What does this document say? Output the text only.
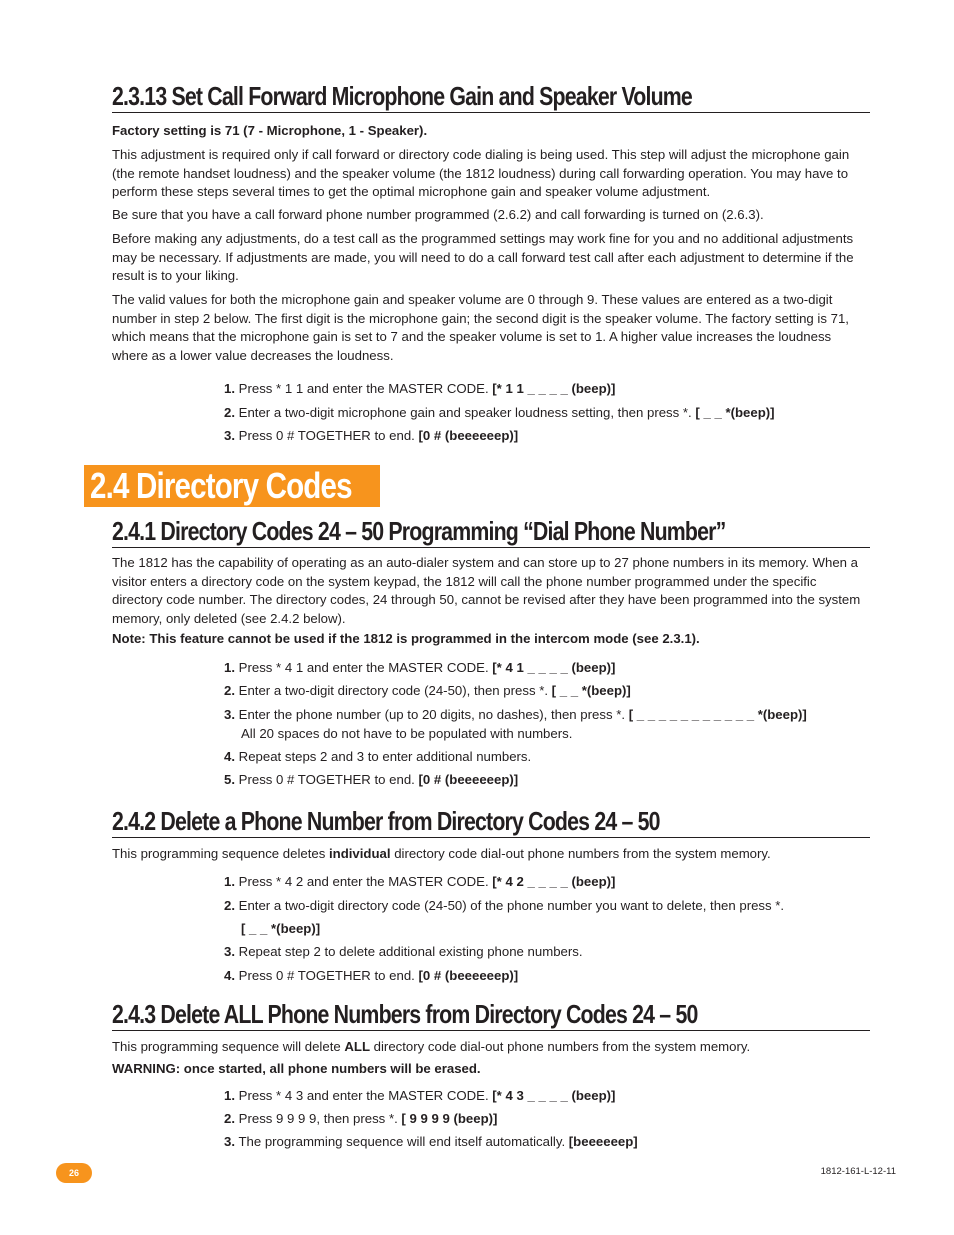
2.3.13 Set Call Forward Microphone Gain and Speaker Volume

Factory setting is 71 (7 - Microphone, 1 - Speaker).

This adjustment is required only if call forward or directory code dialing is being used. This step will adjust the microphone gain (the remote handset loudness) and the speaker volume (the 1812 loudness) during call forwarding operation. You may have to perform these steps several times to get the optimal microphone gain and speaker volume adjustment.

Be sure that you have a call forward phone number programmed (2.6.2) and call forwarding is turned on (2.6.3).

Before making any adjustments, do a test call as the programmed settings may work fine for you and no additional adjustments may be necessary. If adjustments are made, you will need to do a call forward test call after each adjustment to determine if the result is to your liking.

The valid values for both the microphone gain and speaker volume are 0 through 9. These values are entered as a two-digit number in step 2 below. The first digit is the microphone gain; the second digit is the speaker volume. The factory setting is 71, which means that the microphone gain is set to 7 and the speaker volume is set to 1. A higher value increases the loudness where as a lower value decreases the loudness.

1. Press * 1 1 and enter the MASTER CODE. [* 1 1 _ _ _ _ (beep)]
2. Enter a two-digit microphone gain and speaker loudness setting, then press *. [ _ _ *(beep)]
3. Press 0 # TOGETHER to end. [0 # (beeeeeep)]
2.4 Directory Codes
2.4.1 Directory Codes 24 – 50 Programming “Dial Phone Number”

The 1812 has the capability of operating as an auto-dialer system and can store up to 27 phone numbers in its memory. When a visitor enters a directory code on the system keypad, the 1812 will call the phone number programmed under the specific directory code number. The directory codes, 24 through 50, cannot be revised after they have been programmed into the system memory, only deleted (see 2.4.2 below).

Note: This feature cannot be used if the 1812 is programmed in the intercom mode (see 2.3.1).

2.4.2 Delete a Phone Number from Directory Codes 24 – 50

This programming sequence deletes individual directory code dial-out phone numbers from the system memory.

2.4.3 Delete ALL Phone Numbers from Directory Codes 24 – 50

This programming sequence will delete ALL directory code dial-out phone numbers from the system memory.

WARNING: once started, all phone numbers will be erased.

1. Press * 4 1 and enter the MASTER CODE. [* 4 1 _ _ _ _ (beep)]
2. Enter a two-digit directory code (24-50), then press *. [ _ _ *(beep)]
3. Enter the phone number (up to 20 digits, no dashes), then press *. [ _ _ _ _ _ _ _ _ _ _ _ *(beep)]
All 20 spaces do not have to be populated with numbers.
4. Repeat steps 2 and 3 to enter additional numbers.
5. Press 0 # TOGETHER to end. [0 # (beeeeeep)]
1. Press * 4 2 and enter the MASTER CODE. [* 4 2 _ _ _ _ (beep)]
2. Enter a two-digit directory code (24-50) of the phone number you want to delete, then press *.
[ _ _ *(beep)]
3. Repeat step 2 to delete additional existing phone numbers.
4. Press 0 # TOGETHER to end. [0 # (beeeeeep)]
1. Press * 4 3 and enter the MASTER CODE. [* 4 3 _ _ _ _ (beep)]
2. Press 9 9 9 9, then press *. [ 9 9 9 9 (beep)]
3. The programming sequence will end itself automatically. [beeeeeep]
26	1812-161-L-12-11
